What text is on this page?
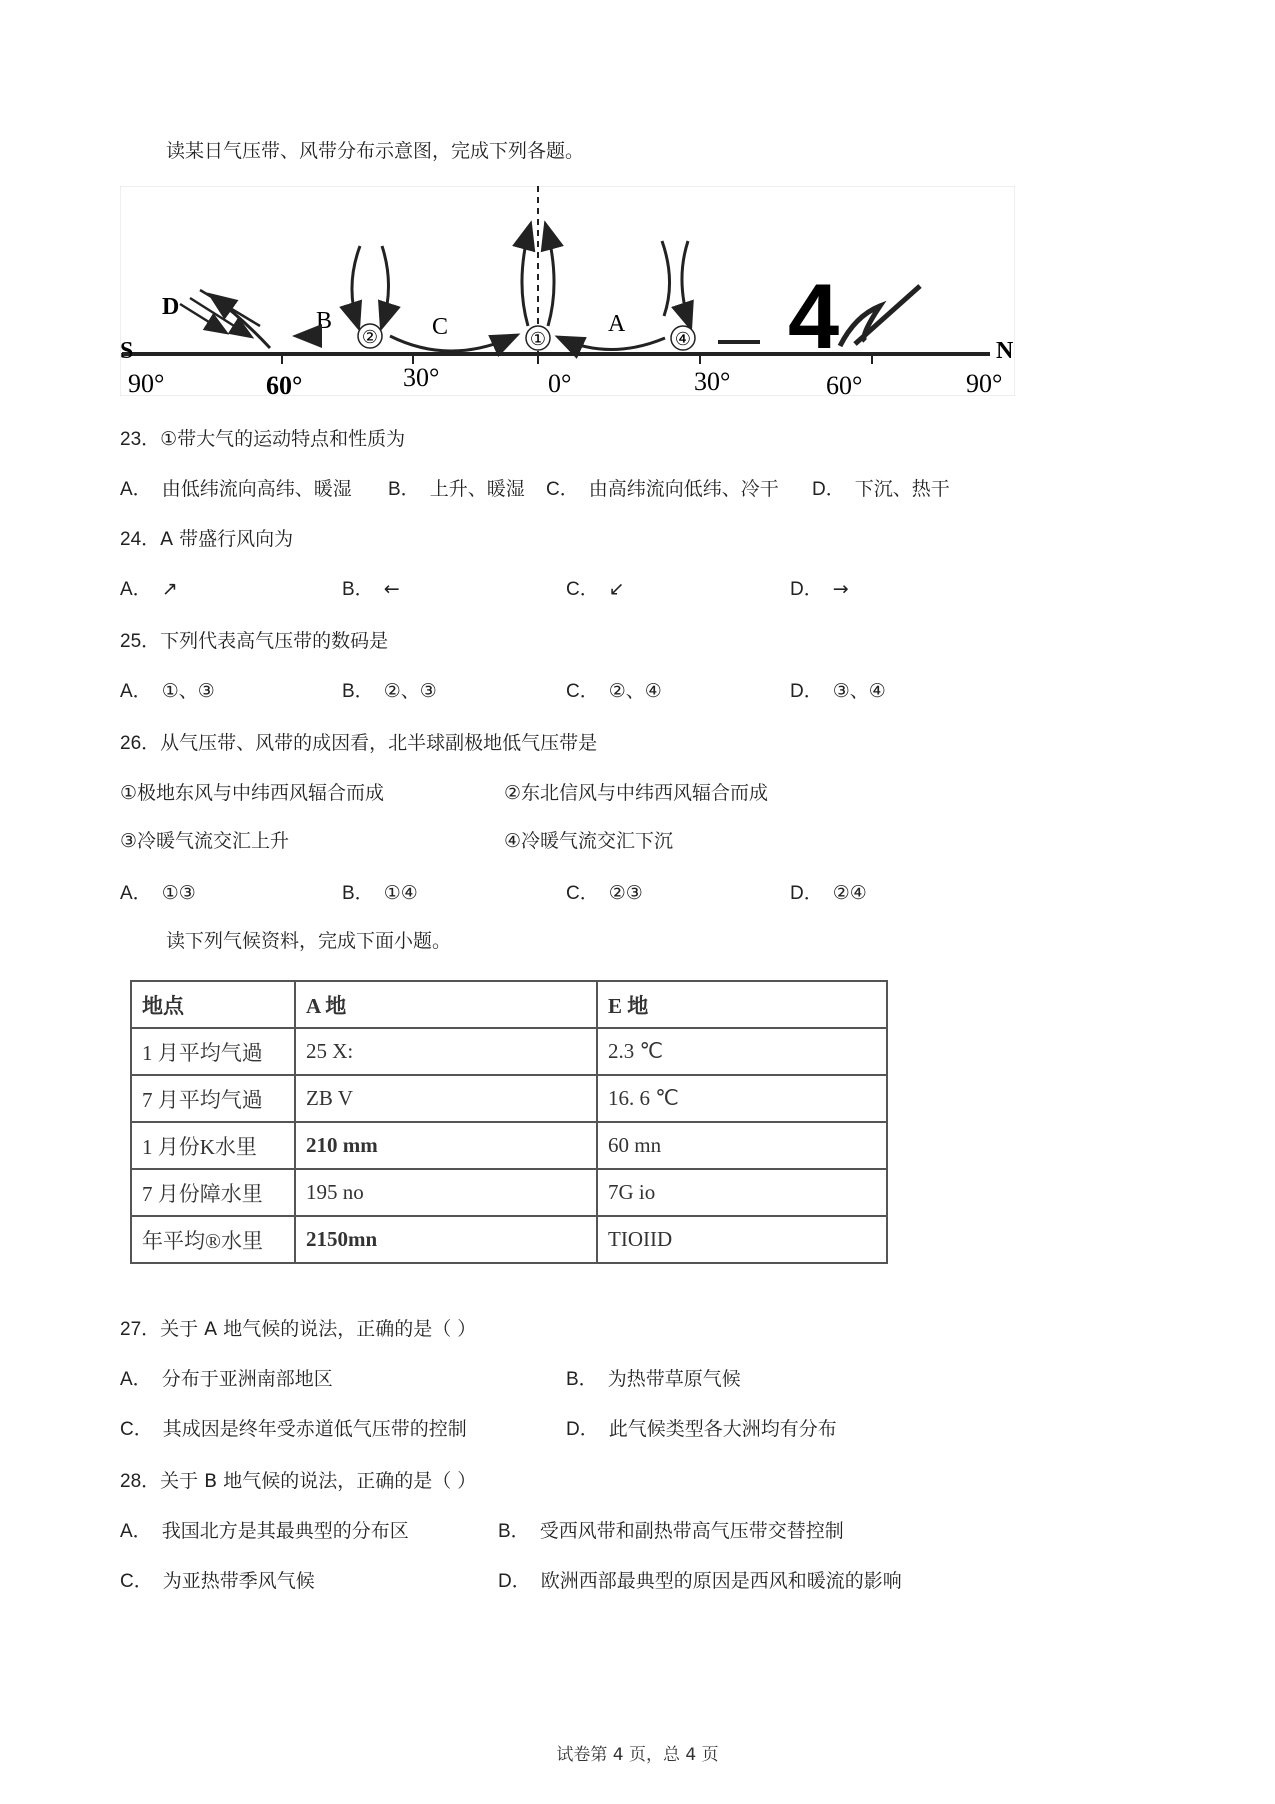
读某日气压带、风带分布示意图，完成下列各题。
S	N
90°	60°	30°	0°	30°	60°	90°
D
B
② C	①
A
④ 4
23．①带大气的运动特点和性质为
A． 由低纬流向高纬、暖湿 B． 上升、暖湿 C． 由高纬流向低纬、冷干 D． 下沉、热干
24．A 带盛行风向为
A． ↗	B． ←	C． ↙	D． →
25．下列代表高气压带的数码是
A． ①、③	B． ②、③	C． ②、④	D． ③、④
26．从气压带、风带的成因看，北半球副极地低气压带是
①极地东风与中纬西风辐合而成	②东北信风与中纬西风辐合而成
③冷暖气流交汇上升	④冷暖气流交汇下沉
A． ①③	B． ①④	C． ②③	D． ②④
读下列气候资料，完成下面小题。
地点	A 地	E 地
1 月平均气過	25 X:	2.3 ℃
7 月平均气過	ZB V	16. 6 ℃
1 月份K水里	210 mm	60 mn
7 月份障水里	195 no	7G io
年平均®水里	2150mn	TIOIID
27．关于 A 地气候的说法，正确的是（ ）
A． 分布于亚洲南部地区	B． 为热带草原气候
C． 其成因是终年受赤道低气压带的控制	D． 此气候类型各大洲均有分布
28．关于 B 地气候的说法，正确的是（ ）
A． 我国北方是其最典型的分布区	B． 受西风带和副热带高气压带交替控制
C． 为亚热带季风气候	D． 欧洲西部最典型的原因是西风和暖流的影响
试卷第 4 页，总 4 页
